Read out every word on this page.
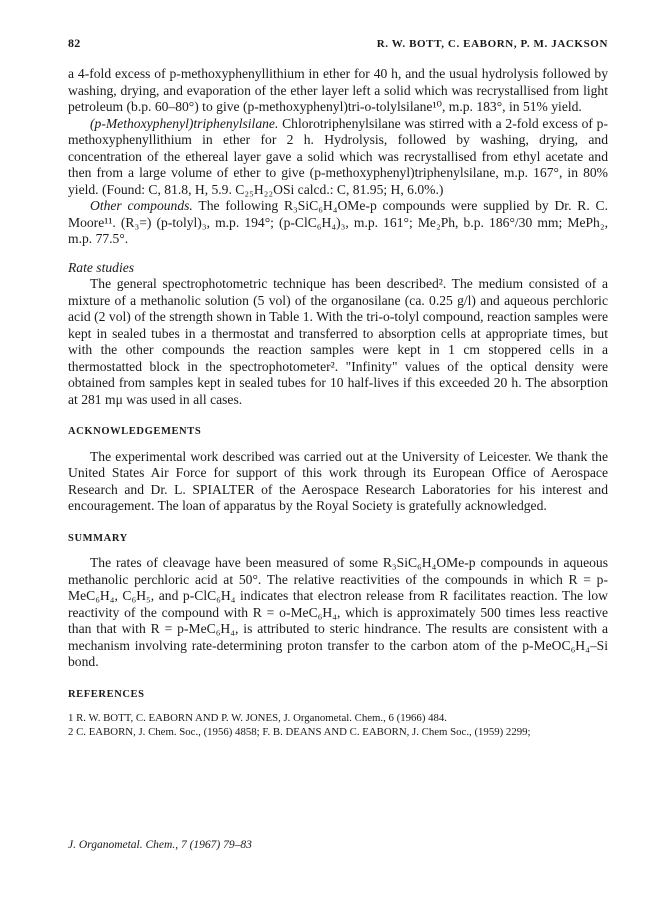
82	R. W. BOTT, C. EABORN, P. M. JACKSON

a 4-fold excess of p-methoxyphenyllithium in ether for 40 h, and the usual hydrolysis followed by washing, drying, and evaporation of the ether layer left a solid which was recrystallised from light petroleum (b.p. 60–80°) to give (p-methoxyphenyl)tri-o-tolylsilane¹⁰, m.p. 183°, in 51% yield.

(p-Methoxyphenyl)triphenylsilane. Chlorotriphenylsilane was stirred with a 2-fold excess of p-methoxyphenyllithium in ether for 2 h. Hydrolysis, followed by washing, drying, and concentration of the ethereal layer gave a solid which was recrystallised from ethyl acetate and then from a large volume of ether to give (p-methoxyphenyl)triphenylsilane, m.p. 167°, in 80% yield. (Found: C, 81.8, H, 5.9. C₂₅H₂₂OSi calcd.: C, 81.95; H, 6.0%.)

Other compounds. The following R₃SiC₆H₄OMe-p compounds were supplied by Dr. R. C. Moore¹¹. (R₃=) (p-tolyl)₃, m.p. 194°; (p-ClC₆H₄)₃, m.p. 161°; Me₂Ph, b.p. 186°/30 mm; MePh₂, m.p. 77.5°.

Rate studies

The general spectrophotometric technique has been described². The medium consisted of a mixture of a methanolic solution (5 vol) of the organosilane (ca. 0.25 g/l) and aqueous perchloric acid (2 vol) of the strength shown in Table 1. With the tri-o-tolyl compound, reaction samples were kept in sealed tubes in a thermostat and transferred to absorption cells at appropriate times, but with the other compounds the reaction samples were kept in 1 cm stoppered cells in a thermostatted block in the spectrophotometer². "Infinity" values of the optical density were obtained from samples kept in sealed tubes for 10 half-lives if this exceeded 20 h. The absorption at 281 mμ was used in all cases.

ACKNOWLEDGEMENTS

The experimental work described was carried out at the University of Leicester. We thank the United States Air Force for support of this work through its European Office of Aerospace Research and Dr. L. SPIALTER of the Aerospace Research Laboratories for his interest and encouragement. The loan of apparatus by the Royal Society is gratefully acknowledged.

SUMMARY

The rates of cleavage have been measured of some R₃SiC₆H₄OMe-p compounds in aqueous methanolic perchloric acid at 50°. The relative reactivities of the compounds in which R = p-MeC₆H₄, C₆H₅, and p-ClC₆H₄ indicates that electron release from R facilitates reaction. The low reactivity of the compound with R = o-MeC₆H₄, which is approximately 500 times less reactive than that with R = p-MeC₆H₄, is attributed to steric hindrance. The results are consistent with a mechanism involving rate-determining proton transfer to the carbon atom of the p-MeOC₆H₄–Si bond.

REFERENCES

1 R. W. BOTT, C. EABORN AND P. W. JONES, J. Organometal. Chem., 6 (1966) 484.

2 C. EABORN, J. Chem. Soc., (1956) 4858; F. B. DEANS AND C. EABORN, J. Chem Soc., (1959) 2299;

J. Organometal. Chem., 7 (1967) 79–83
